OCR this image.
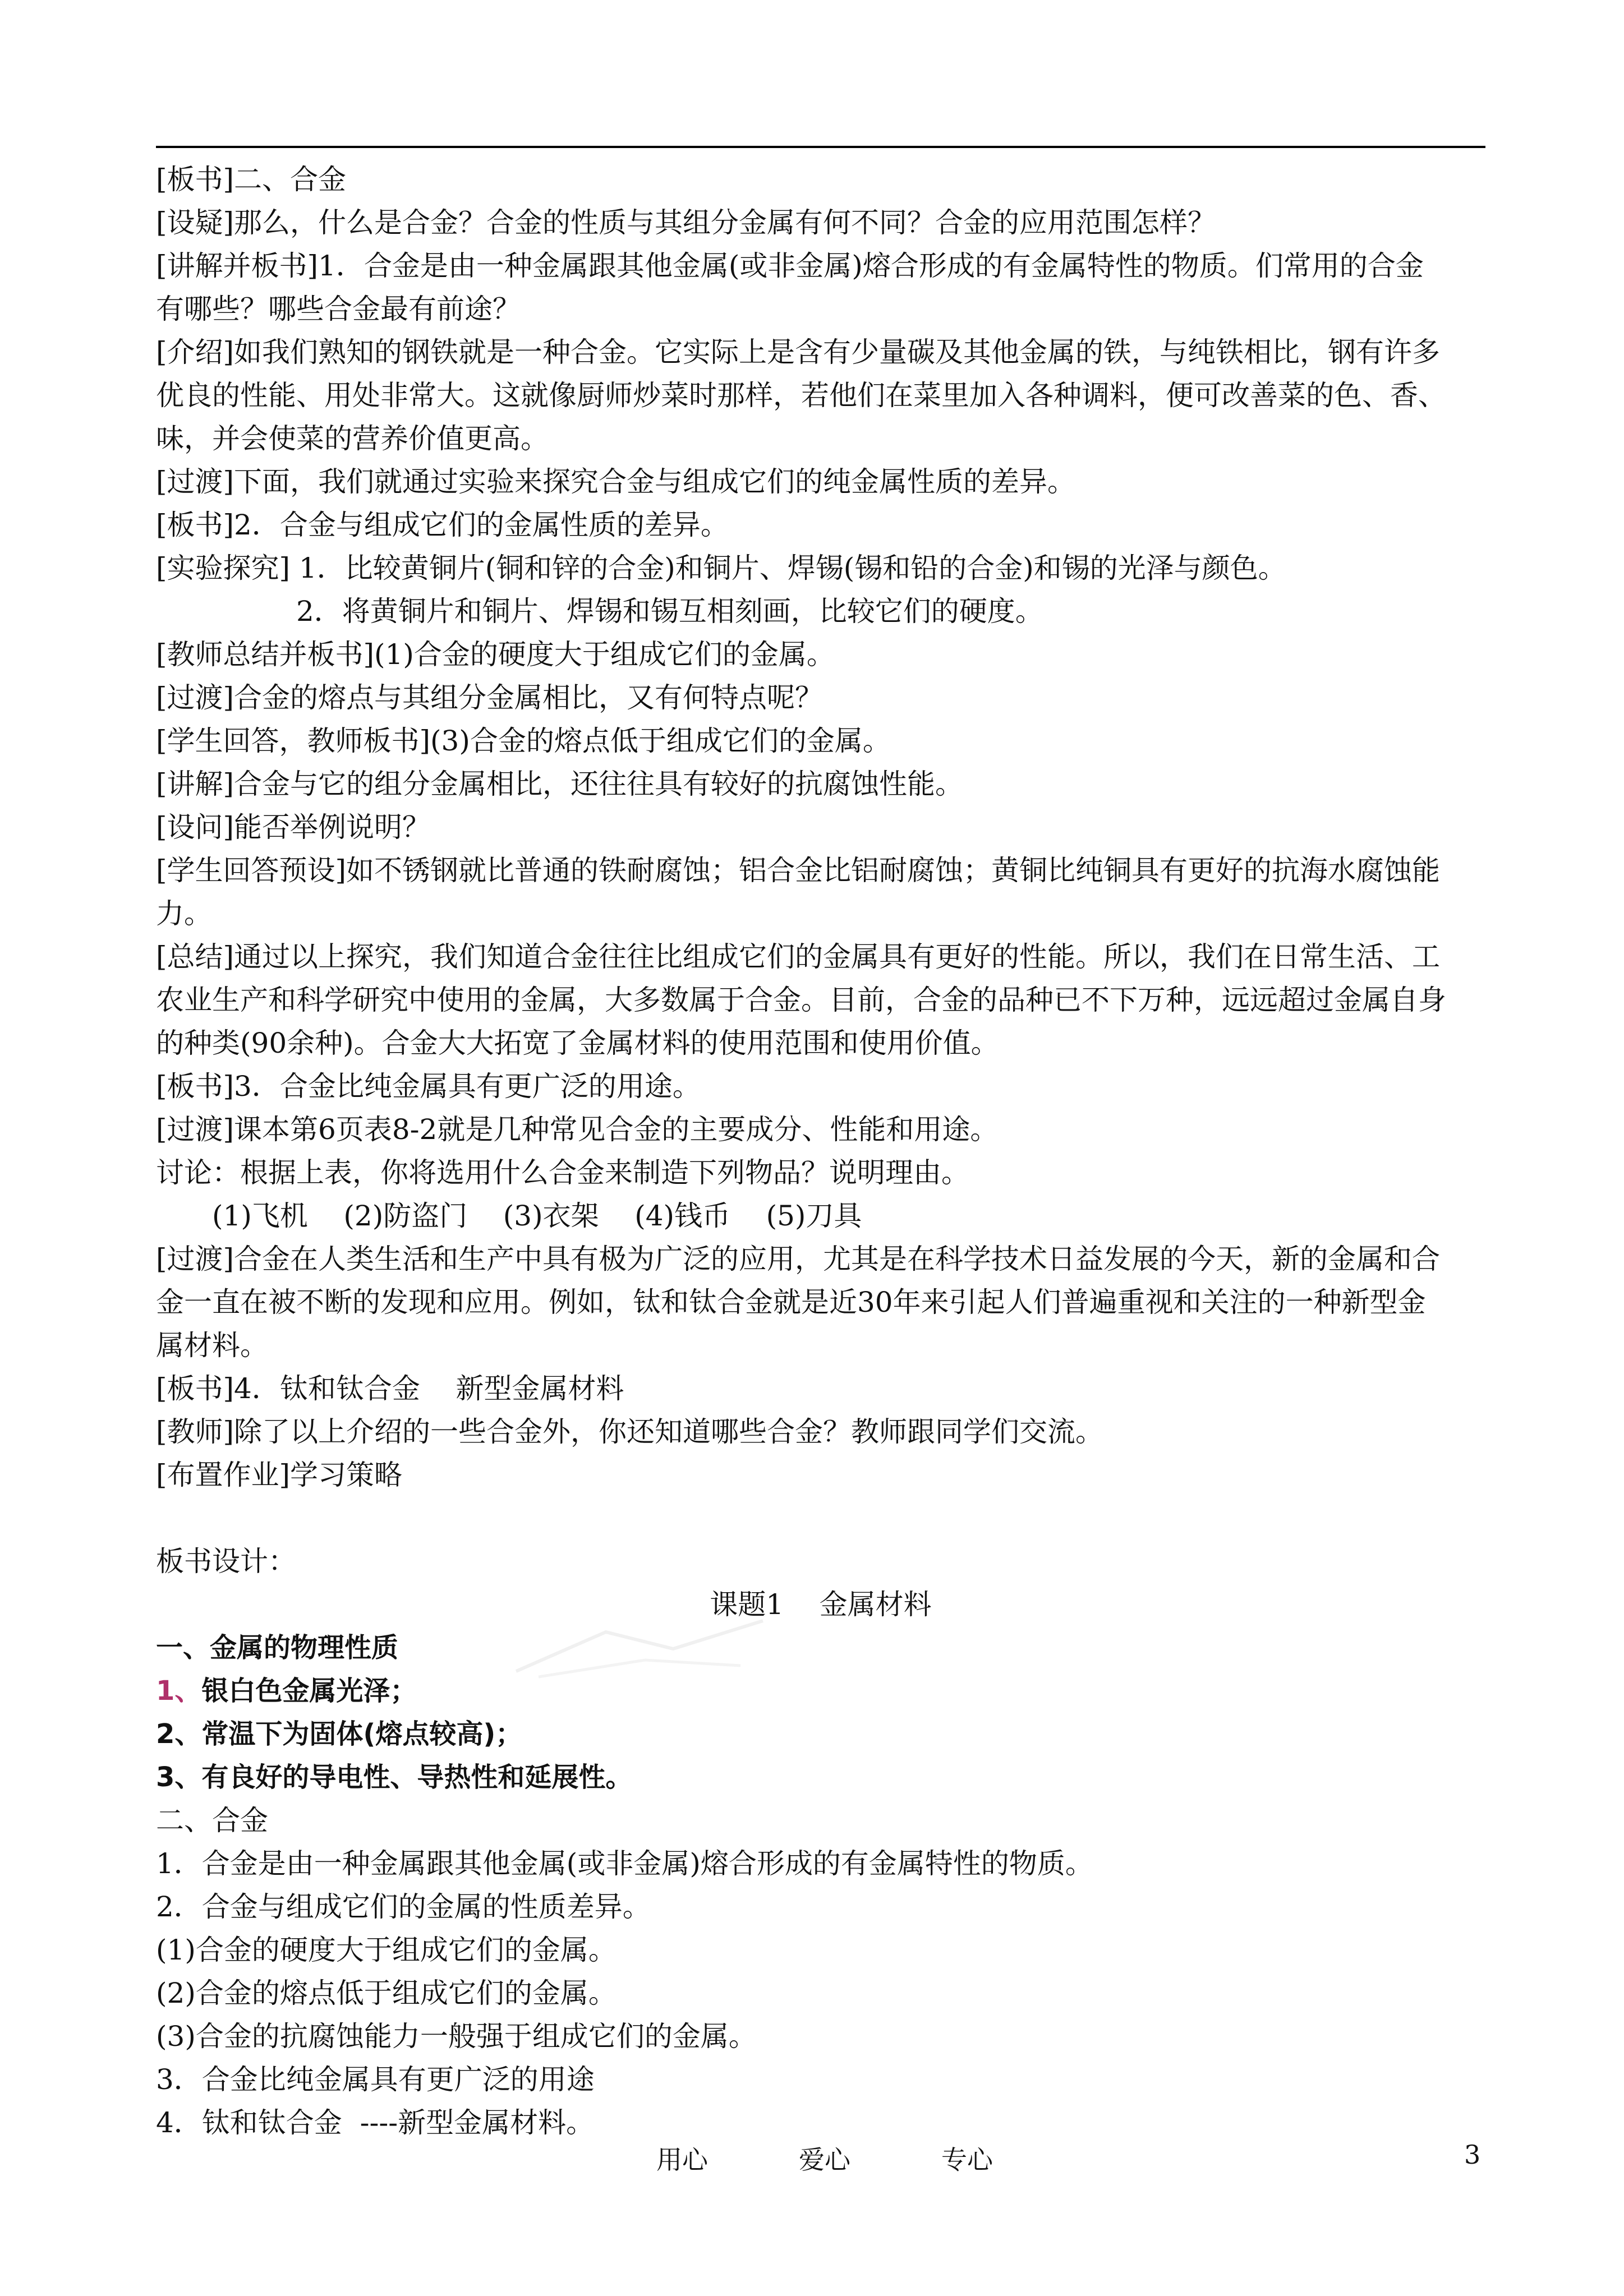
[板书]二、合金

[设疑]那么，什么是合金？合金的性质与其组分金属有何不同？合金的应用范围怎样？

[讲解并板书]1．合金是由一种金属跟其他金属(或非金属)熔合形成的有金属特性的物质。们常用的合金

有哪些？哪些合金最有前途？

[介绍]如我们熟知的钢铁就是一种合金。它实际上是含有少量碳及其他金属的铁，与纯铁相比，钢有许多

优良的性能、用处非常大。这就像厨师炒菜时那样，若他们在菜里加入各种调料，便可改善菜的色、香、

味，并会使菜的营养价值更高。

[过渡]下面，我们就通过实验来探究合金与组成它们的纯金属性质的差异。

[板书]2．合金与组成它们的金属性质的差异。

[实验探究] 1．比较黄铜片(铜和锌的合金)和铜片、焊锡(锡和铅的合金)和锡的光泽与颜色。

2．将黄铜片和铜片、焊锡和锡互相刻画，比较它们的硬度。

[教师总结并板书](1)合金的硬度大于组成它们的金属。

[过渡]合金的熔点与其组分金属相比，又有何特点呢？

[学生回答，教师板书](3)合金的熔点低于组成它们的金属。

[讲解]合金与它的组分金属相比，还往往具有较好的抗腐蚀性能。

[设问]能否举例说明？

[学生回答预设]如不锈钢就比普通的铁耐腐蚀；铝合金比铝耐腐蚀；黄铜比纯铜具有更好的抗海水腐蚀能

力。

[总结]通过以上探究，我们知道合金往往比组成它们的金属具有更好的性能。所以，我们在日常生活、工

农业生产和科学研究中使用的金属，大多数属于合金。目前，合金的品种已不下万种，远远超过金属自身

的种类(90余种)。合金大大拓宽了金属材料的使用范围和使用价值。

[板书]3．合金比纯金属具有更广泛的用途。

[过渡]课本第6页表8-2就是几种常见合金的主要成分、性能和用途。

讨论：根据上表，你将选用什么合金来制造下列物品？说明理由。

(1)飞机    (2)防盗门    (3)衣架    (4)钱币    (5)刀具

[过渡]合金在人类生活和生产中具有极为广泛的应用，尤其是在科学技术日益发展的今天，新的金属和合

金一直在被不断的发现和应用。例如，钛和钛合金就是近30年来引起人们普遍重视和关注的一种新型金

属材料。

[板书]4．钛和钛合金    新型金属材料

[教师]除了以上介绍的一些合金外，你还知道哪些合金？教师跟同学们交流。

[布置作业]学习策略

板书设计：

课题1    金属材料

一、金属的物理性质

1、银白色金属光泽；

2、常温下为固体(熔点较高)；

3、有良好的导电性、导热性和延展性。

二、合金

1．合金是由一种金属跟其他金属(或非金属)熔合形成的有金属特性的物质。

2．合金与组成它们的金属的性质差异。

(1)合金的硬度大于组成它们的金属。

(2)合金的熔点低于组成它们的金属。

(3)合金的抗腐蚀能力一般强于组成它们的金属。

3．合金比纯金属具有更广泛的用途

4．钛和钛合金  ----新型金属材料。

用心	爱心	专心	3
